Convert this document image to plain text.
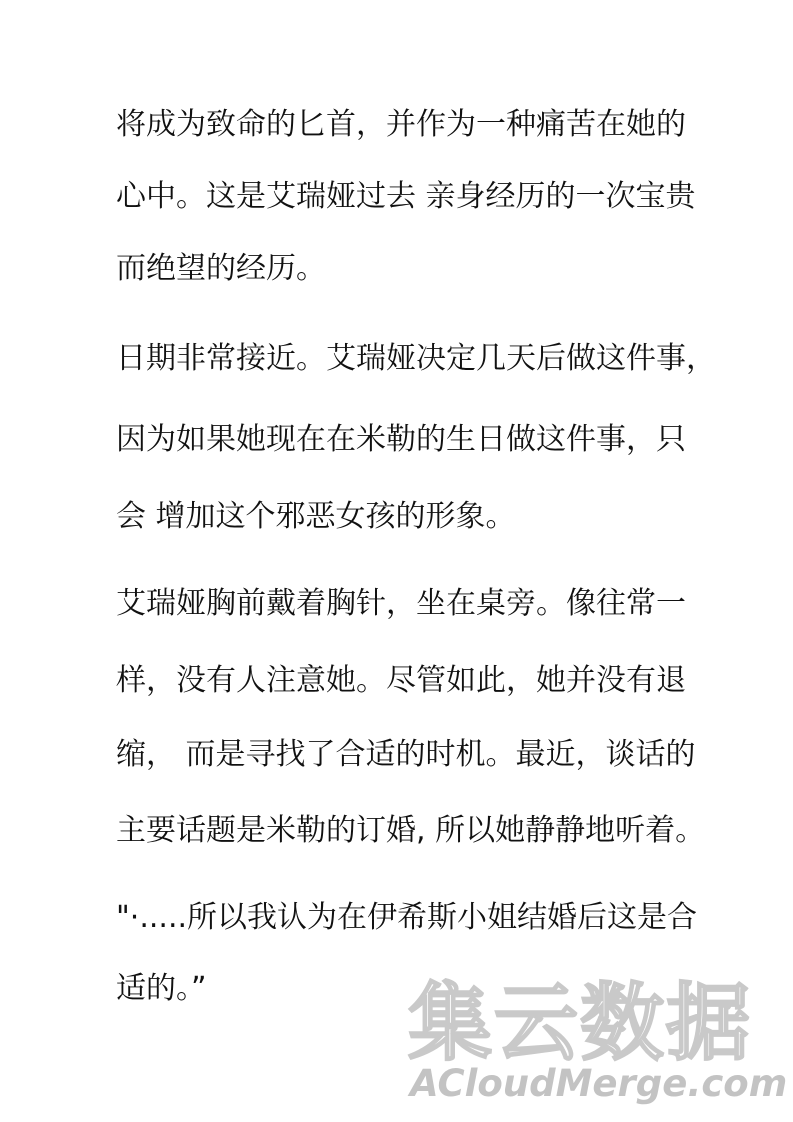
将成为致命的匕首，并作为一种痛苦在她的
心中。这是艾瑞娅过去 亲身经历的一次宝贵
而绝望的经历。
日期非常接近。艾瑞娅决定几天后做这件事，
因为如果她现在在米勒的生日做这件事，只
会 增加这个邪恶女孩的形象。
艾瑞娅胸前戴着胸针，坐在桌旁。像往常一
样，没有人注意她。尽管如此，她并没有退
缩， 而是寻找了合适的时机。最近，谈话的
主要话题是米勒的订婚, 所以她静静地听着。
"·.....所以我认为在伊希斯小姐结婚后这是合
适的。” 集云数据
ACloudMerge.com
